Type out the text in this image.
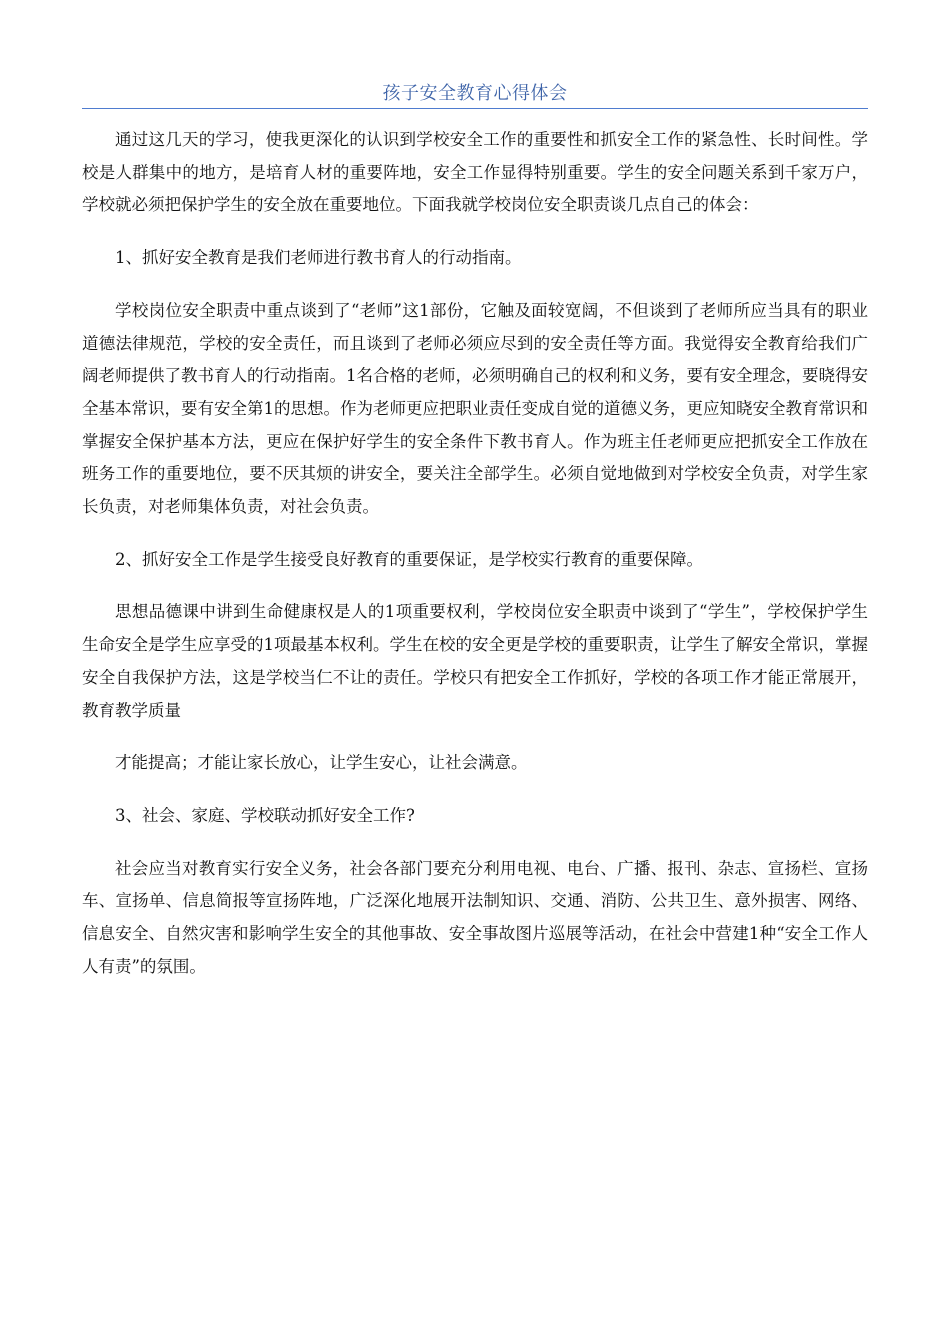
孩子安全教育心得体会

通过这几天的学习，使我更深化的认识到学校安全工作的重要性和抓安全工作的紧急性、长时间性。学校是人群集中的地方，是培育人材的重要阵地，安全工作显得特别重要。学生的安全问题关系到千家万户，学校就必须把保护学生的安全放在重要地位。下面我就学校岗位安全职责谈几点自己的体会：

1、抓好安全教育是我们老师进行教书育人的行动指南。

学校岗位安全职责中重点谈到了“老师”这1部份，它触及面较宽阔，不但谈到了老师所应当具有的职业道德法律规范，学校的安全责任，而且谈到了老师必须应尽到的安全责任等方面。我觉得安全教育给我们广阔老师提供了教书育人的行动指南。1名合格的老师，必须明确自己的权利和义务，要有安全理念，要晓得安全基本常识，要有安全第1的思想。作为老师更应把职业责任变成自觉的道德义务，更应知晓安全教育常识和掌握安全保护基本方法，更应在保护好学生的安全条件下教书育人。作为班主任老师更应把抓安全工作放在班务工作的重要地位，要不厌其烦的讲安全，要关注全部学生。必须自觉地做到对学校安全负责，对学生家长负责，对老师集体负责，对社会负责。

2、抓好安全工作是学生接受良好教育的重要保证，是学校实行教育的重要保障。

思想品德课中讲到生命健康权是人的1项重要权利，学校岗位安全职责中谈到了“学生”，学校保护学生生命安全是学生应享受的1项最基本权利。学生在校的安全更是学校的重要职责，让学生了解安全常识，掌握安全自我保护方法，这是学校当仁不让的责任。学校只有把安全工作抓好，学校的各项工作才能正常展开，教育教学质量

才能提高；才能让家长放心，让学生安心，让社会满意。

3、社会、家庭、学校联动抓好安全工作?

社会应当对教育实行安全义务，社会各部门要充分利用电视、电台、广播、报刊、杂志、宣扬栏、宣扬车、宣扬单、信息简报等宣扬阵地，广泛深化地展开法制知识、交通、消防、公共卫生、意外损害、网络、信息安全、自然灾害和影响学生安全的其他事故、安全事故图片巡展等活动，在社会中营建1种“安全工作人人有责”的氛围。
